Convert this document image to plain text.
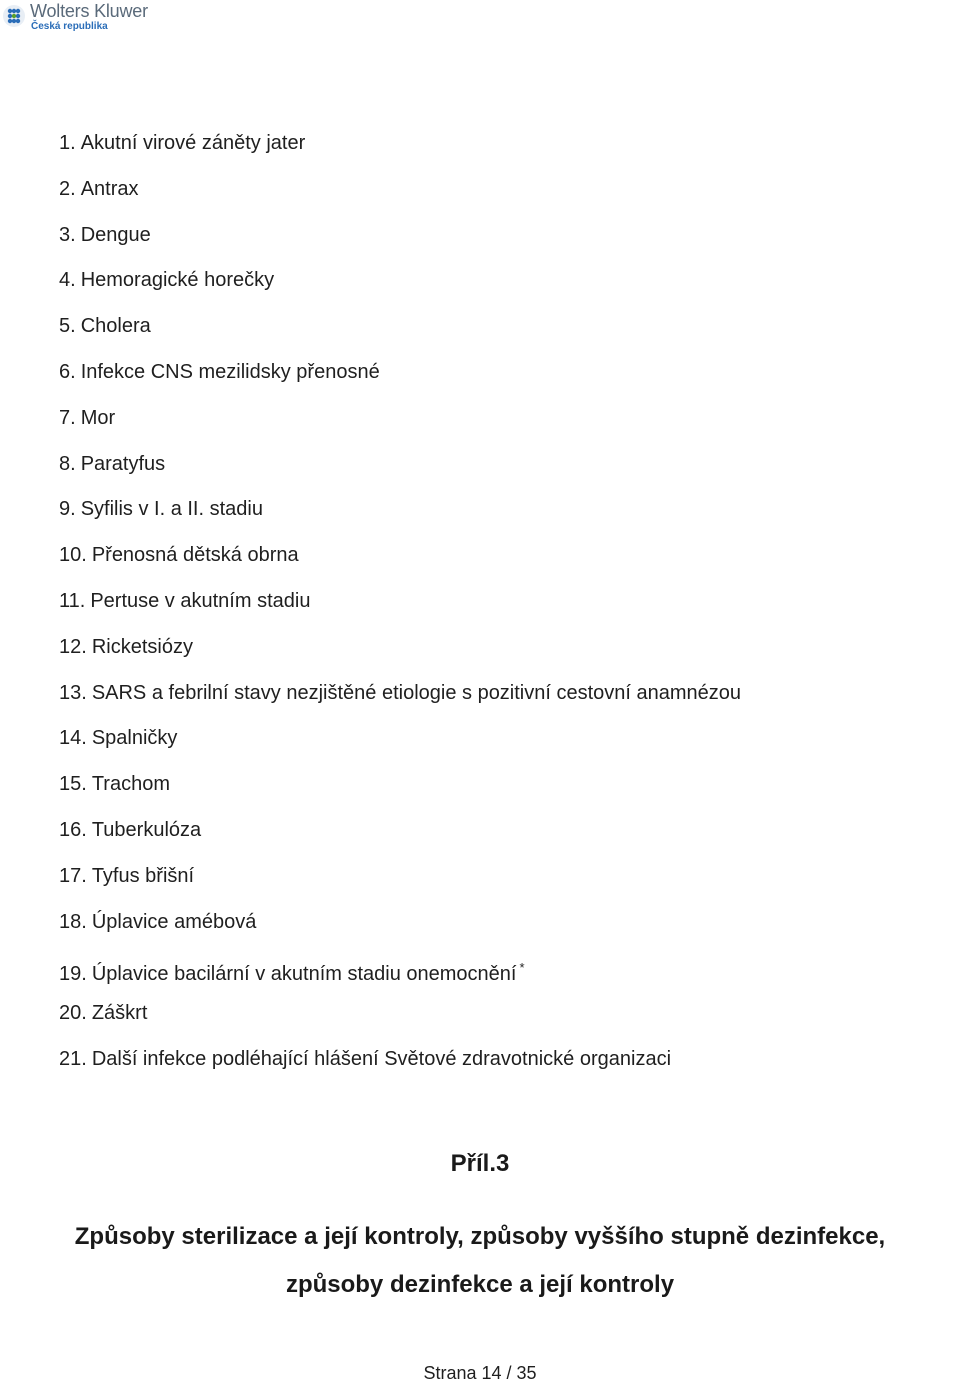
Wolters Kluwer
Česká republika
1. Akutní virové záněty jater
2. Antrax
3. Dengue
4. Hemoragické horečky
5. Cholera
6. Infekce CNS mezilidsky přenosné
7. Mor
8. Paratyfus
9. Syfilis v I. a II. stadiu
10. Přenosná dětská obrna
11. Pertuse v akutním stadiu
12. Ricketsiózy
13. SARS a febrilní stavy nezjištěné etiologie s pozitivní cestovní anamnézou
14. Spalničky
15. Trachom
16. Tuberkulóza
17. Tyfus břišní
18. Úplavice amébová
19. Úplavice bacilární v akutním stadiu onemocnění *
20. Záškrt
21. Další infekce podléhající hlášení Světové zdravotnické organizaci
Příl.3
Způsoby sterilizace a její kontroly, způsoby vyššího stupně dezinfekce,
způsoby dezinfekce a její kontroly
Strana 14 / 35
